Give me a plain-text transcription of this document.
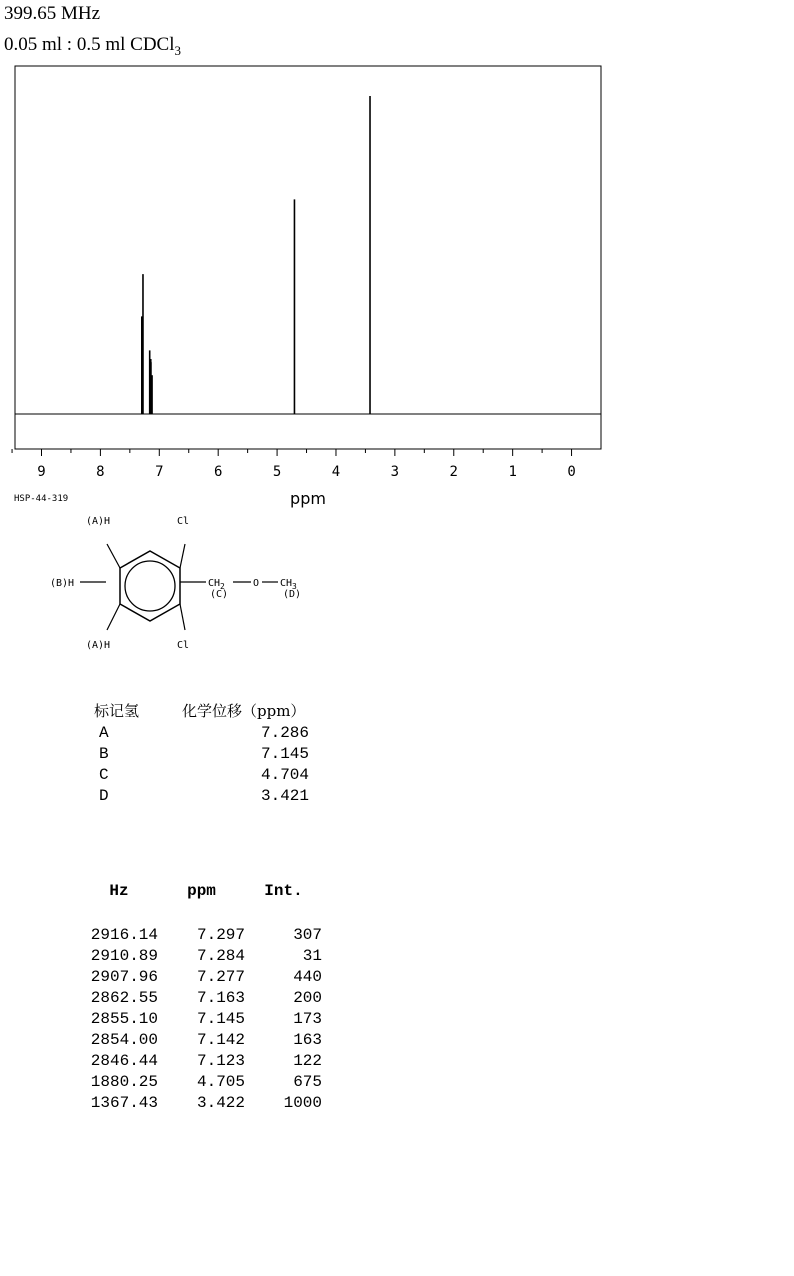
399.65 MHz
0.05 ml : 0.5 ml CDCl$_3$
9	8	7	6	5	4	3	2	1	0
ppm
HSP-44-319
(A)H	Cl
(B)H
(A)H	Cl
$CH_2$	O $CH_3$
(C)	(D)
标记氢	化学位移（ppm）
A	7.286
B	7.145
C	4.704
D	3.421
Hz	ppm	Int.
2916.14 7.297	307
2910.89 7.284	31
2907.96 7.277	440
2862.55 7.163	200
2855.10 7.145	173
2854.00 7.142	163
2846.44 7.123	122
1880.25 4.705	675
1367.43 3.422 1000
